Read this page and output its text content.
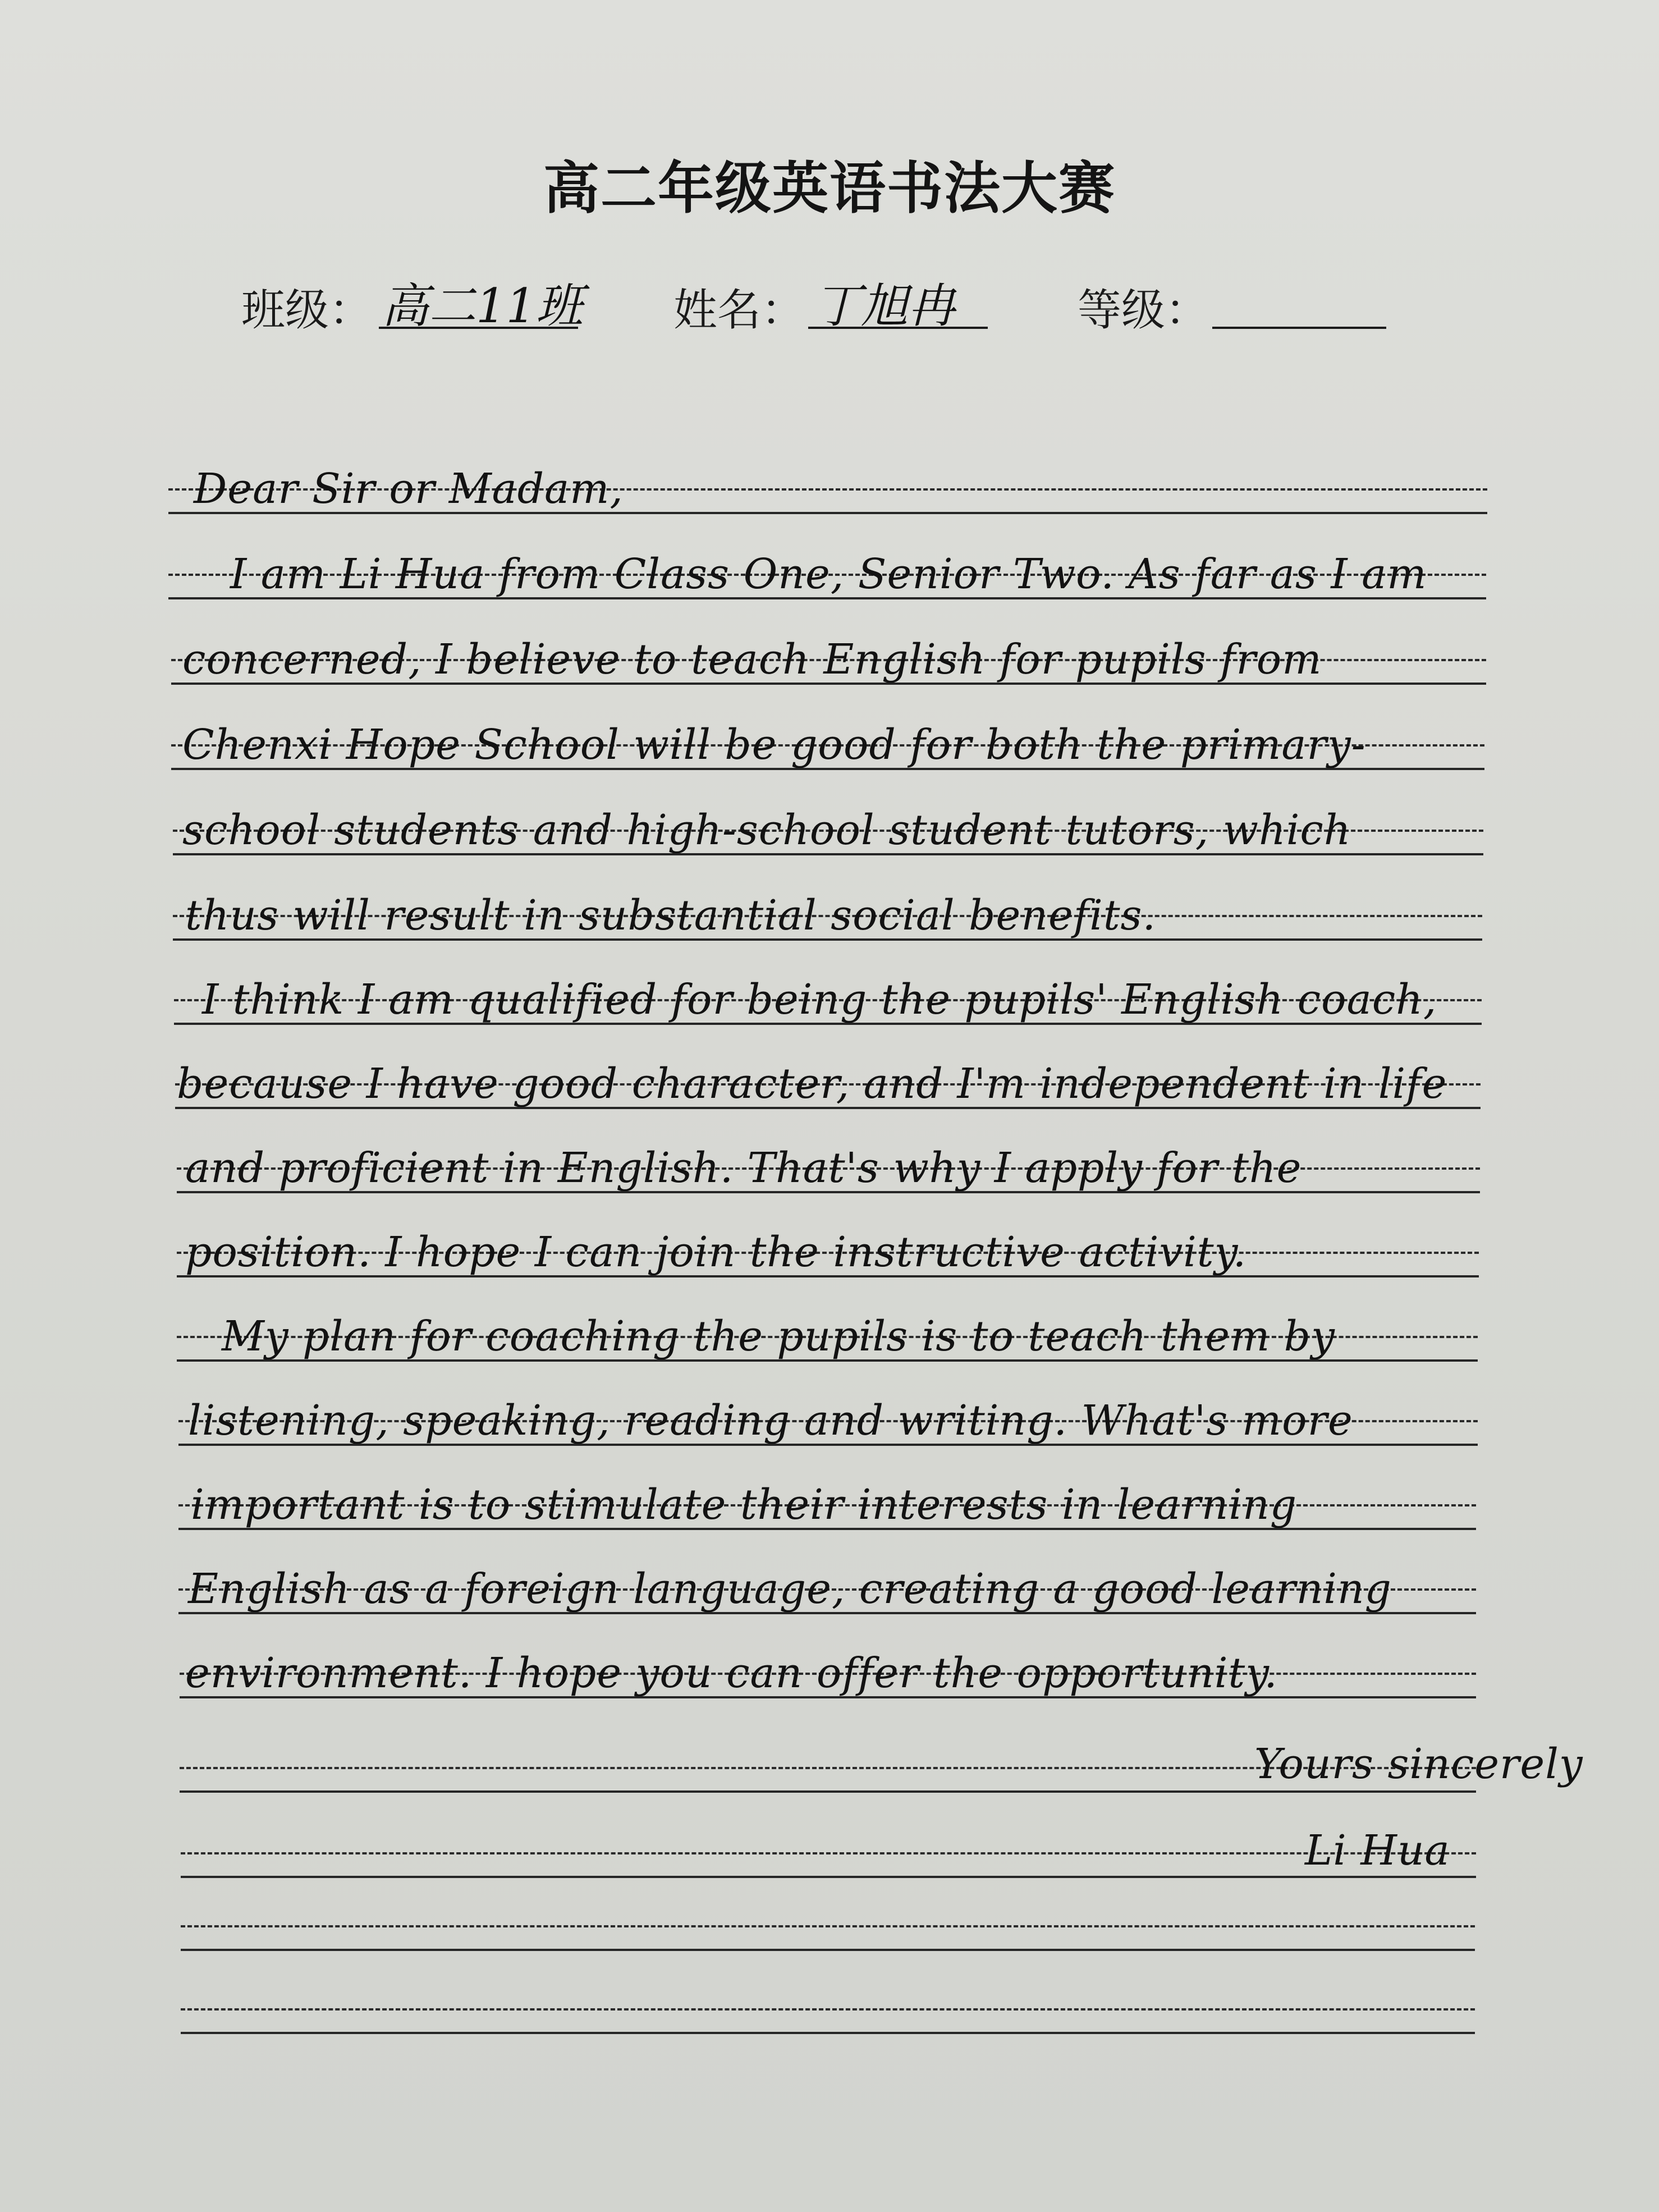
高二年级英语书法大赛
班级： 高二11班 姓名： 丁旭冉	等级：
Dear Sir or Madam,
I am Li Hua from Class One, Senior Two. As far as I am
concerned, I believe to teach English for pupils from
Chenxi Hope School will be good for both the primary-
school students and high-school student tutors, which
thus will result in substantial social benefits.
I think I am qualified for being the pupils' English coach,
because I have good character, and I'm independent in life
and proficient in English. That's why I apply for the
position. I hope I can join the instructive activity.
My plan for coaching the pupils is to teach them by
listening, speaking, reading and writing. What's more
important is to stimulate their interests in learning
English as a foreign language, creating a good learning
environment. I hope you can offer the opportunity.
Yours sincerely
Li Hua
